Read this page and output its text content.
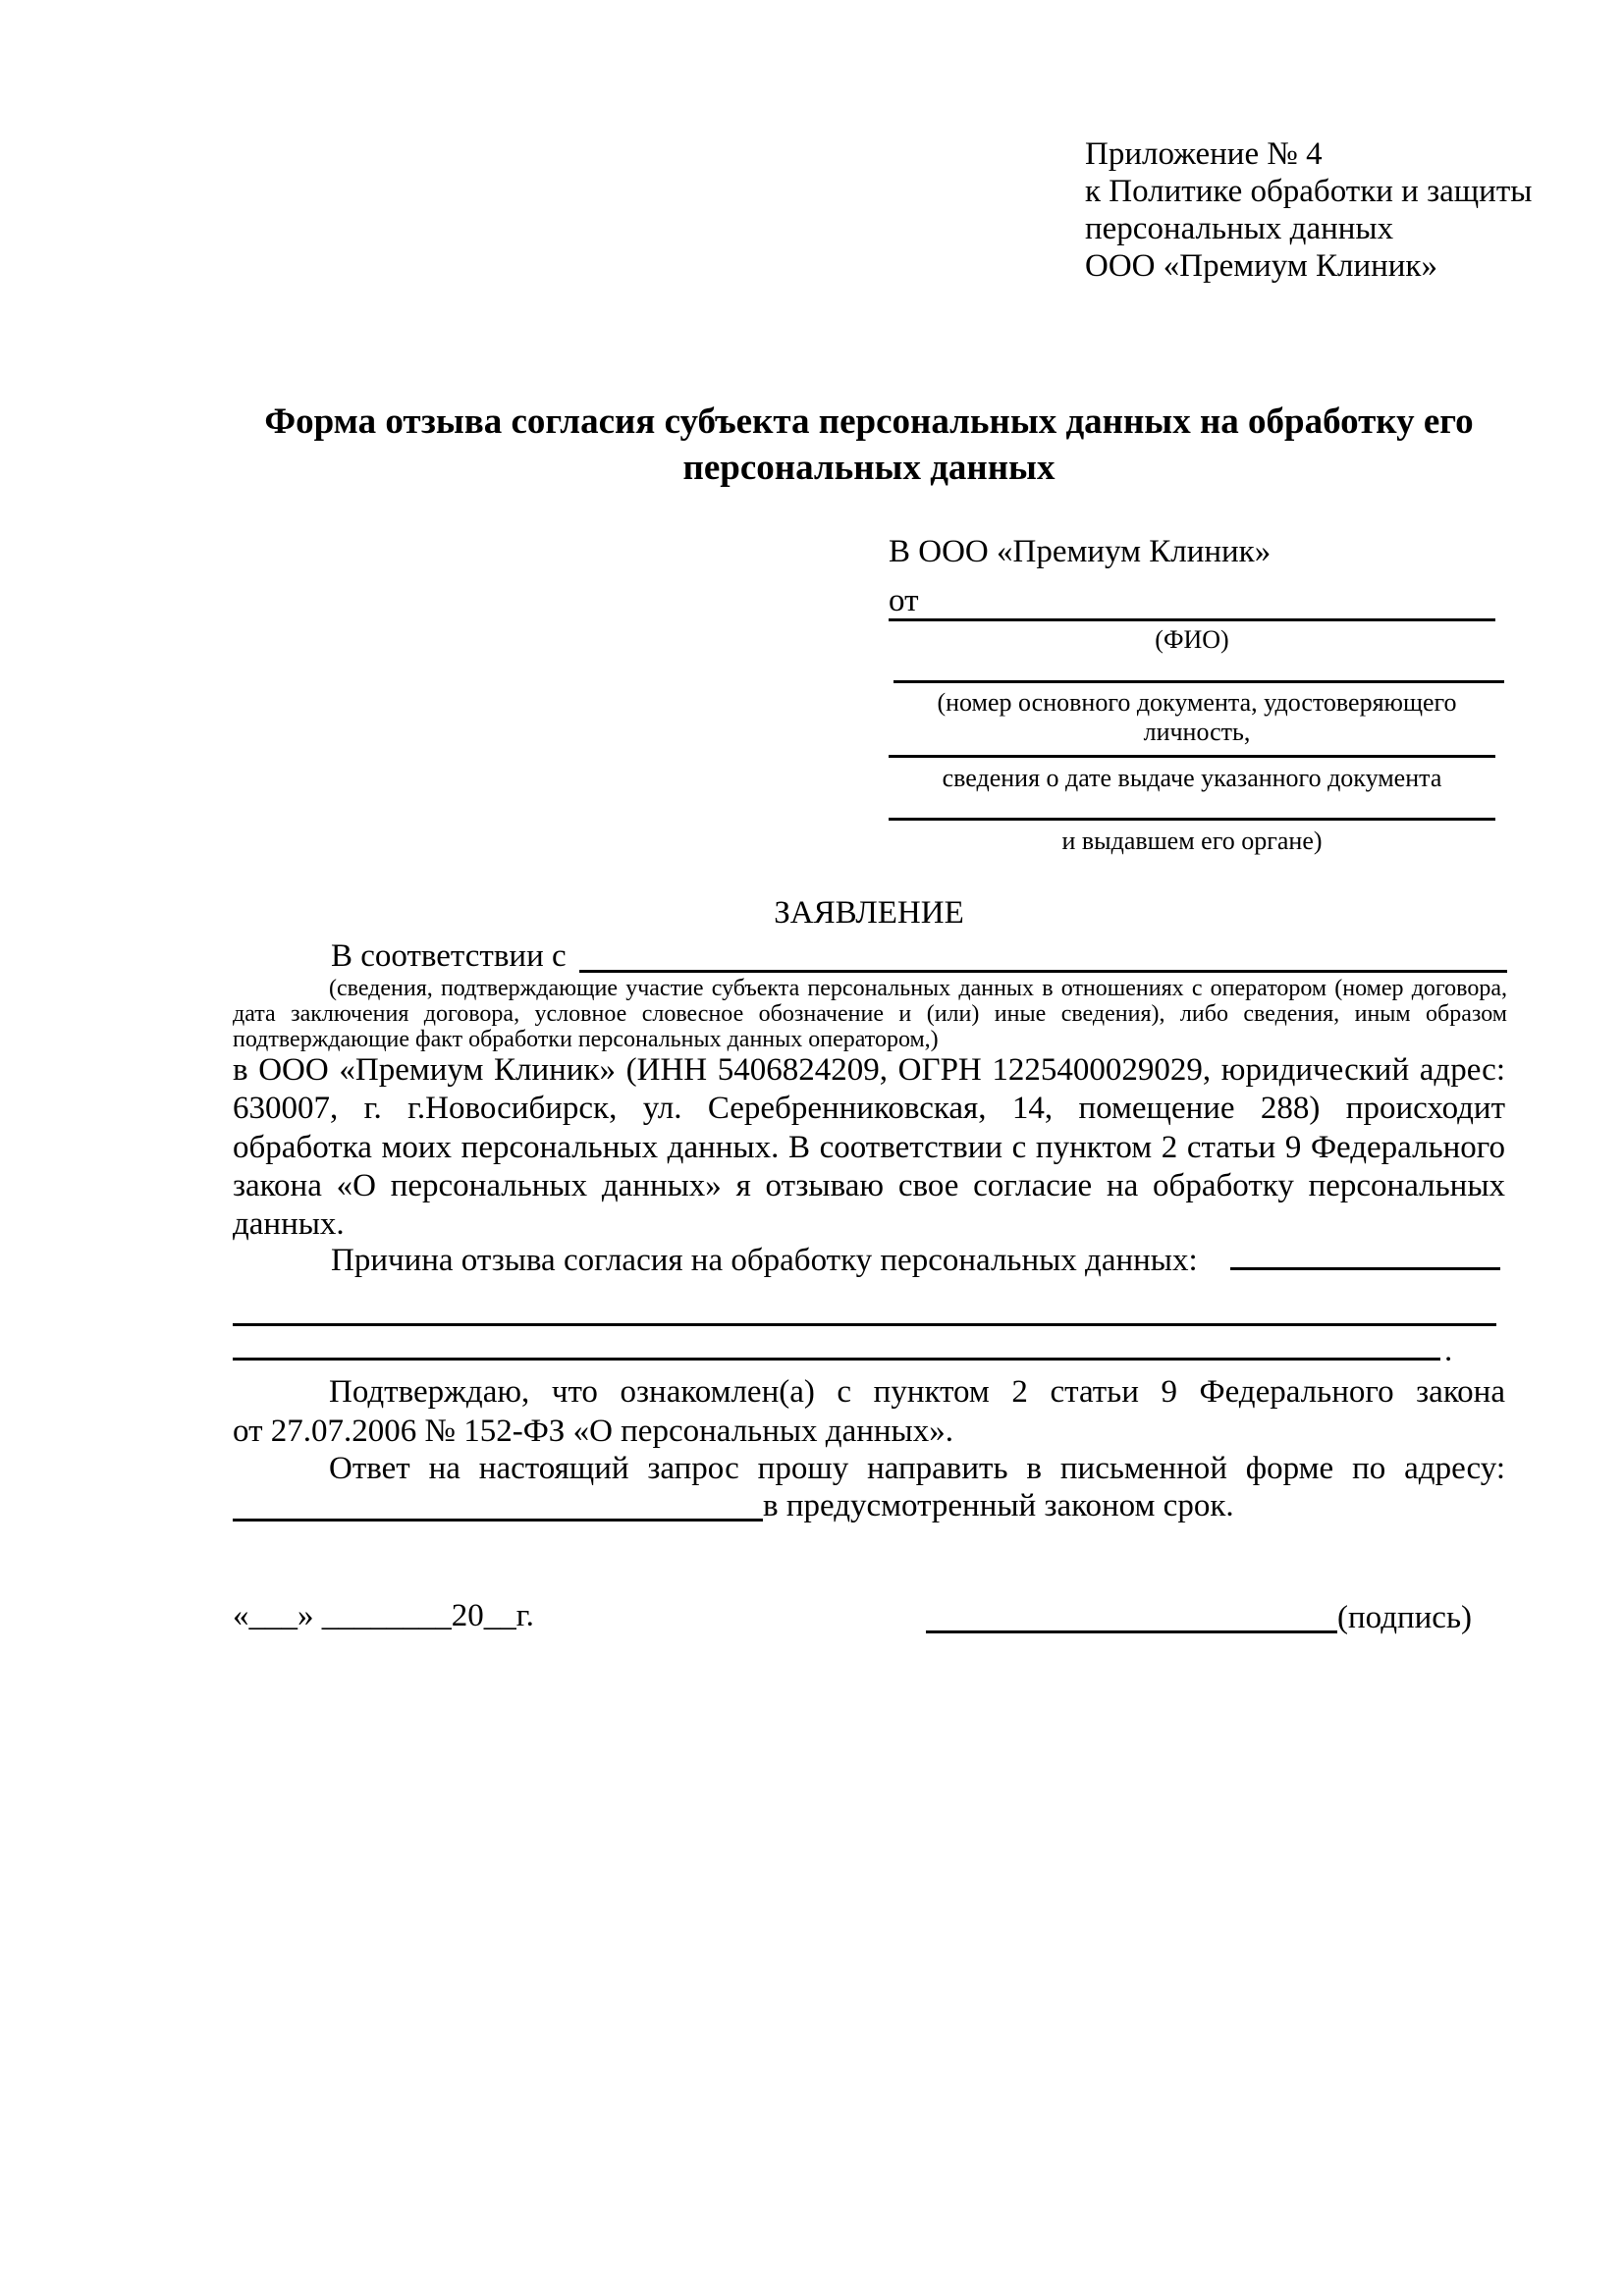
Приложение № 4
к Политике обработки и защиты
персональных данных
ООО «Премиум Клиник»
Форма отзыва согласия субъекта персональных данных на обработку его персональных данных
В ООО «Премиум Клиник»
от
(ФИО)
(номер основного документа, удостоверяющего личность,
сведения о дате выдаче указанного документа
и выдавшем его органе)
ЗАЯВЛЕНИЕ
В соответствии с
(сведения, подтверждающие участие субъекта персональных данных в отношениях с оператором (номер договора, дата заключения договора, условное словесное обозначение и (или) иные сведения), либо сведения, иным образом подтверждающие факт обработки персональных данных оператором,)
в ООО «Премиум Клиник» (ИНН 5406824209, ОГРН 1225400029029, юридический адрес: 630007, г. г.Новосибирск, ул. Серебренниковская, 14, помещение 288) происходит обработка моих персональных данных. В соответствии с пунктом 2 статьи 9 Федерального закона «О персональных данных» я отзываю свое согласие на обработку персональных данных.
Причина отзыва согласия на обработку персональных данных:
.
Подтверждаю, что ознакомлен(а) с пунктом 2 статьи 9 Федерального закона
от 27.07.2006 № 152-ФЗ «О персональных данных».
Ответ на настоящий запрос прошу направить в письменной форме по адресу:
в предусмотренный законом срок.
«___» ________20__г.	(подпись)
